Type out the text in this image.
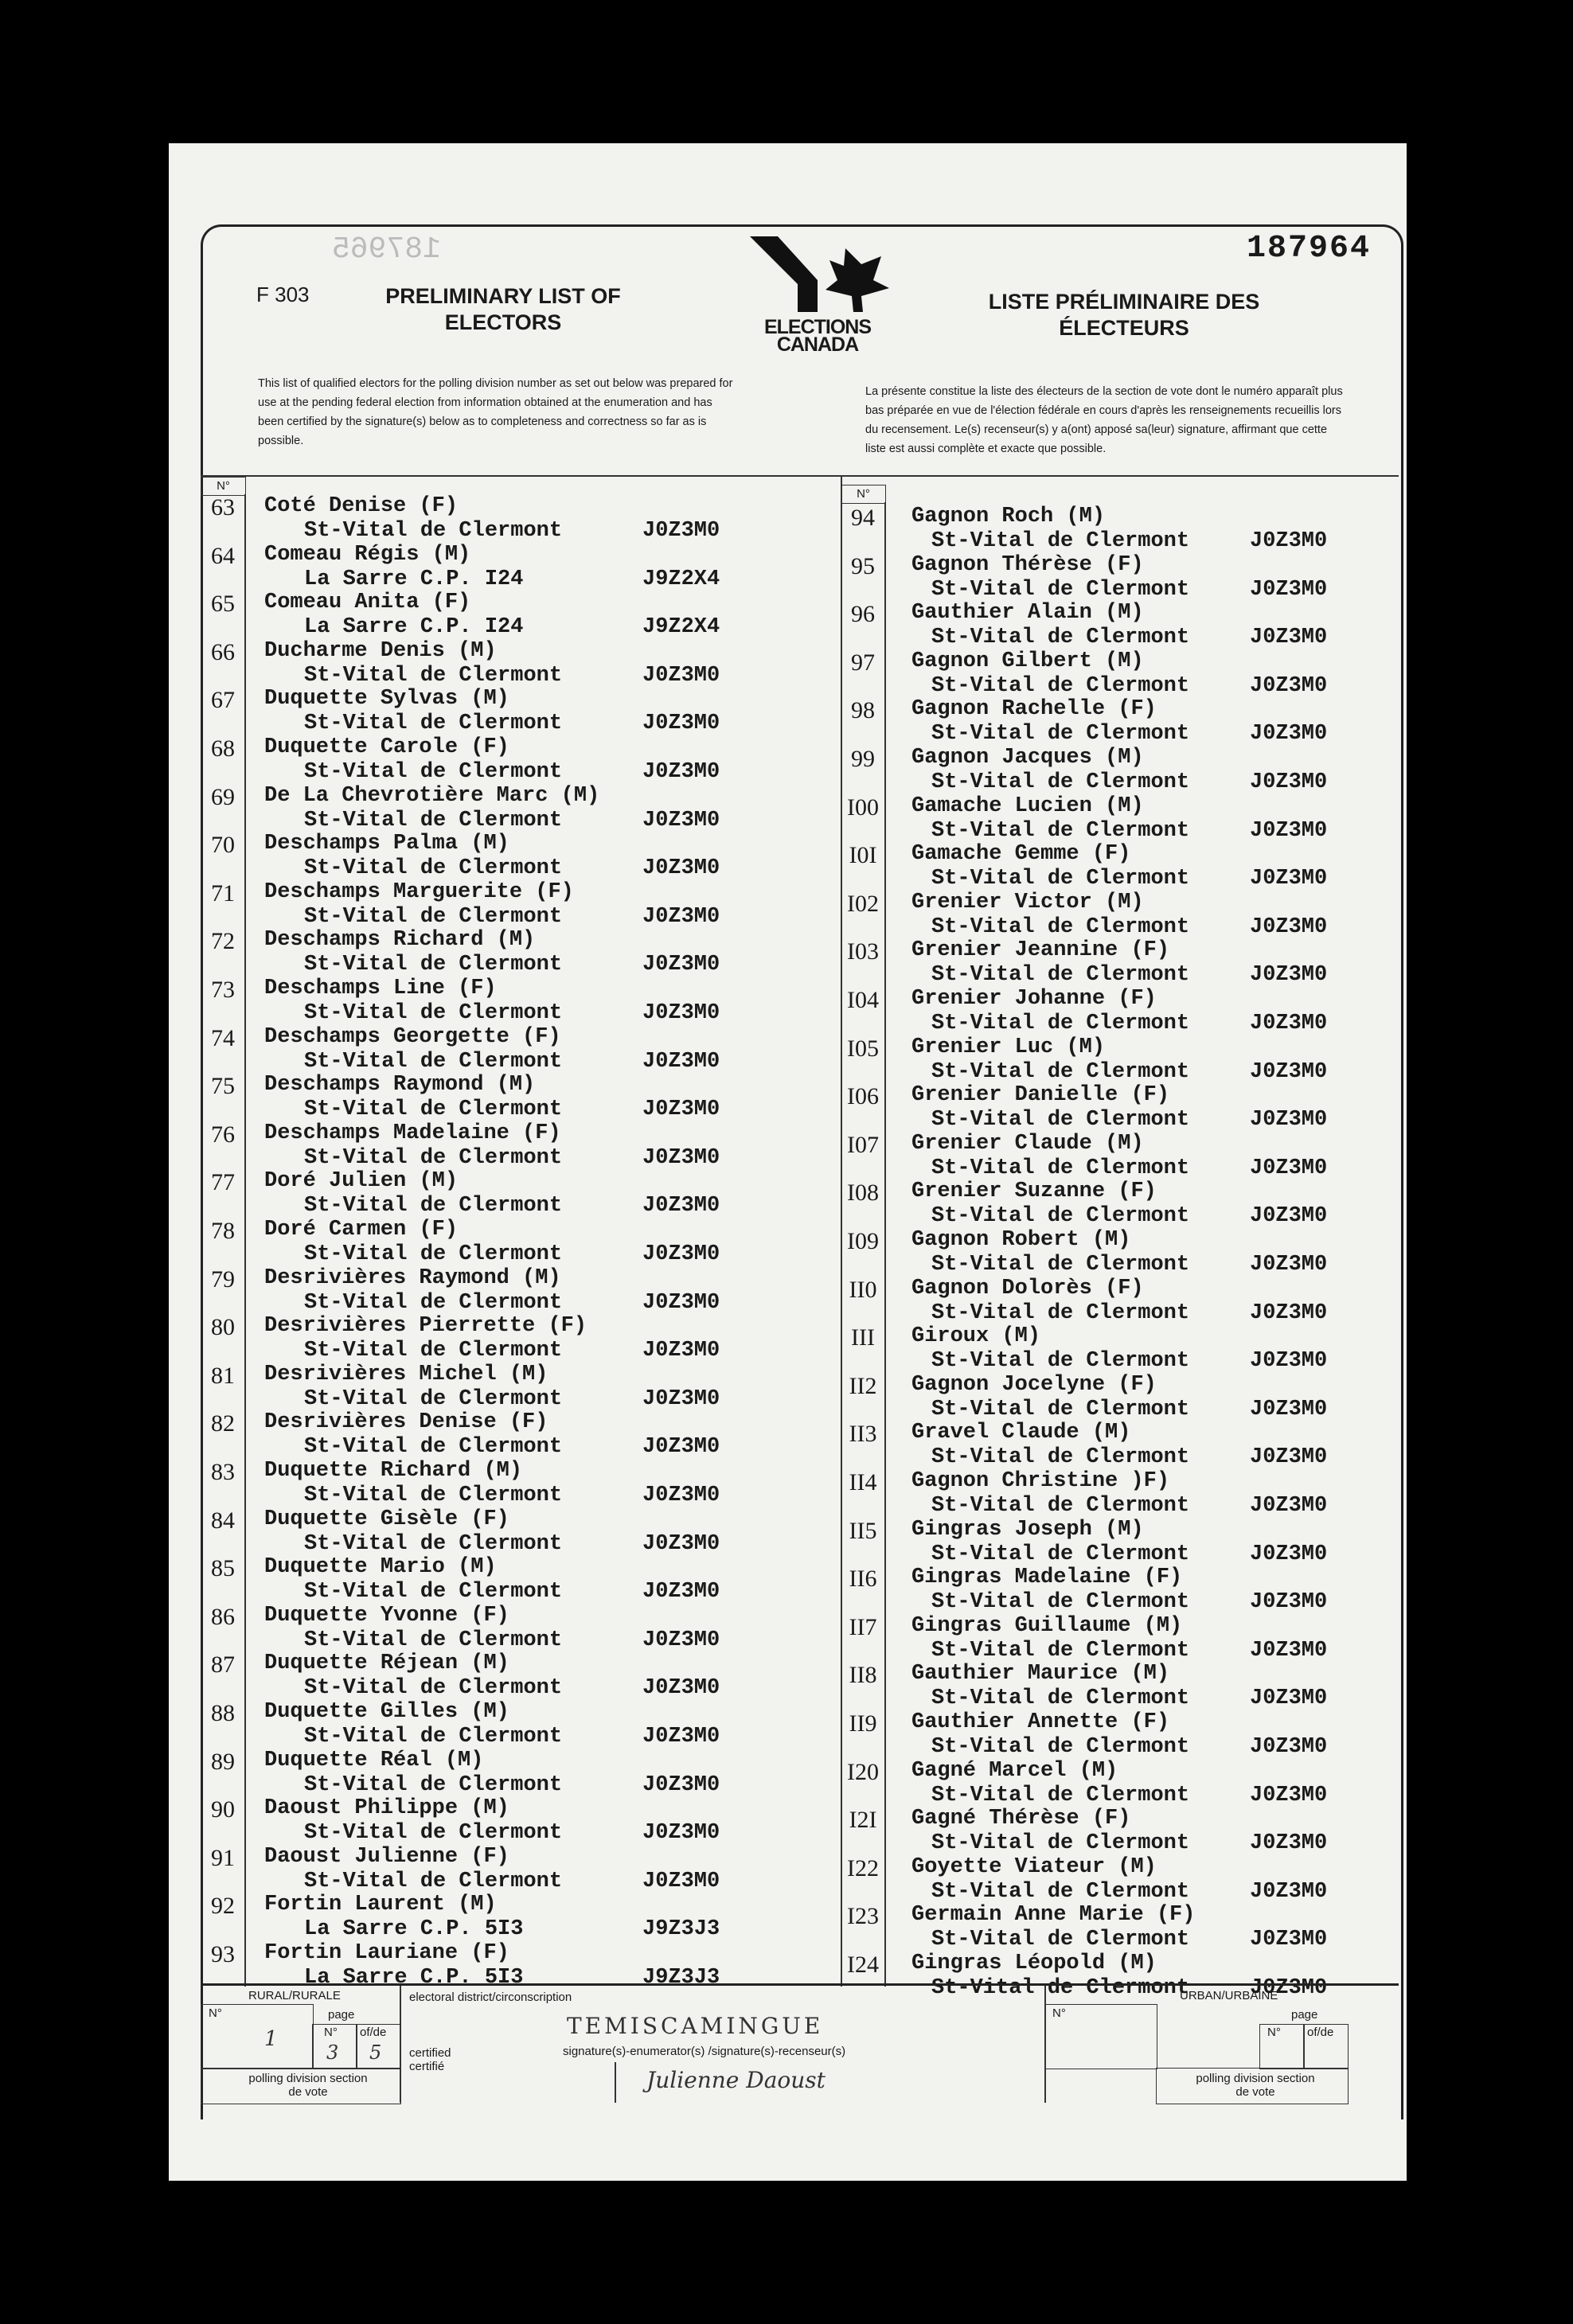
187965	187964
F 303	PRELIMINARY LIST OF ELECTORS
LISTE PRÉLIMINAIRE DES ÉLECTEURS
ELECTIONS CANADA
This list of qualified electors for the polling division number as set out below was prepared for use at the pending federal election from information obtained at the enumeration and has been certified by the signature(s) below as to completeness and correctness so far as is possible.
La présente constitue la liste des électeurs de la section de vote dont le numéro apparaît plus bas préparée en vue de l'élection fédérale en cours d'après les renseignements recueillis lors du recensement. Le(s) recenseur(s) y a(ont) apposé sa(leur) signature, affirmant que cette liste est aussi complète et exacte que possible.
N°
N°
63	Coté Denise (F)
St-Vital de Clermont	J0Z3M0
64	Comeau Régis (M)
La Sarre C.P. I24	J9Z2X4
65	Comeau Anita (F)
La Sarre C.P. I24	J9Z2X4
66	Ducharme Denis (M)
St-Vital de Clermont	J0Z3M0
67	Duquette Sylvas (M)
St-Vital de Clermont	J0Z3M0
68	Duquette Carole (F)
St-Vital de Clermont	J0Z3M0
69	De La Chevrotière Marc (M)
St-Vital de Clermont	J0Z3M0
70	Deschamps Palma (M)
St-Vital de Clermont	J0Z3M0
71	Deschamps Marguerite (F)
St-Vital de Clermont	J0Z3M0
72	Deschamps Richard (M)
St-Vital de Clermont	J0Z3M0
73	Deschamps Line (F)
St-Vital de Clermont	J0Z3M0
74	Deschamps Georgette (F)
St-Vital de Clermont	J0Z3M0
75	Deschamps Raymond (M)
St-Vital de Clermont	J0Z3M0
76	Deschamps Madelaine (F)
St-Vital de Clermont	J0Z3M0
77	Doré Julien (M)
St-Vital de Clermont	J0Z3M0
78	Doré Carmen (F)
St-Vital de Clermont	J0Z3M0
79	Desrivières Raymond (M)
St-Vital de Clermont	J0Z3M0
80	Desrivières Pierrette (F)
St-Vital de Clermont	J0Z3M0
81	Desrivières Michel (M)
St-Vital de Clermont	J0Z3M0
82	Desrivières Denise (F)
St-Vital de Clermont	J0Z3M0
83	Duquette Richard (M)
St-Vital de Clermont	J0Z3M0
84	Duquette Gisèle (F)
St-Vital de Clermont	J0Z3M0
85	Duquette Mario (M)
St-Vital de Clermont	J0Z3M0
86	Duquette Yvonne (F)
St-Vital de Clermont	J0Z3M0
87	Duquette Réjean (M)
St-Vital de Clermont	J0Z3M0
88	Duquette Gilles (M)
St-Vital de Clermont	J0Z3M0
89	Duquette Réal (M)
St-Vital de Clermont	J0Z3M0
90	Daoust Philippe (M)
St-Vital de Clermont	J0Z3M0
91	Daoust Julienne (F)
St-Vital de Clermont	J0Z3M0
92	Fortin Laurent (M)
La Sarre C.P. 5I3	J9Z3J3
93	Fortin Lauriane (F)
La Sarre C.P. 5I3	J9Z3J3
94	Gagnon Roch (M)
St-Vital de Clermont	J0Z3M0
95	Gagnon Thérèse (F)
St-Vital de Clermont	J0Z3M0
96	Gauthier Alain (M)
St-Vital de Clermont	J0Z3M0
97	Gagnon Gilbert (M)
St-Vital de Clermont	J0Z3M0
98	Gagnon Rachelle (F)
St-Vital de Clermont	J0Z3M0
99	Gagnon Jacques (M)
St-Vital de Clermont	J0Z3M0
I00	Gamache Lucien (M)
St-Vital de Clermont	J0Z3M0
I0I	Gamache Gemme (F)
St-Vital de Clermont	J0Z3M0
I02	Grenier Victor (M)
St-Vital de Clermont	J0Z3M0
I03	Grenier Jeannine (F)
St-Vital de Clermont	J0Z3M0
I04	Grenier Johanne (F)
St-Vital de Clermont	J0Z3M0
I05	Grenier Luc (M)
St-Vital de Clermont	J0Z3M0
I06	Grenier Danielle (F)
St-Vital de Clermont	J0Z3M0
I07	Grenier Claude (M)
St-Vital de Clermont	J0Z3M0
I08	Grenier Suzanne (F)
St-Vital de Clermont	J0Z3M0
I09	Gagnon Robert (M)
St-Vital de Clermont	J0Z3M0
II0	Gagnon Dolorès (F)
St-Vital de Clermont	J0Z3M0
III	Giroux (M)
St-Vital de Clermont	J0Z3M0
II2	Gagnon Jocelyne (F)
St-Vital de Clermont	J0Z3M0
II3	Gravel Claude (M)
St-Vital de Clermont	J0Z3M0
II4	Gagnon Christine )F)
St-Vital de Clermont	J0Z3M0
II5	Gingras Joseph (M)
St-Vital de Clermont	J0Z3M0
II6	Gingras Madelaine (F)
St-Vital de Clermont	J0Z3M0
II7	Gingras Guillaume (M)
St-Vital de Clermont	J0Z3M0
II8	Gauthier Maurice (M)
St-Vital de Clermont	J0Z3M0
II9	Gauthier Annette (F)
St-Vital de Clermont	J0Z3M0
I20	Gagné Marcel (M)
St-Vital de Clermont	J0Z3M0
I2I	Gagné Thérèse (F)
St-Vital de Clermont	J0Z3M0
I22	Goyette Viateur (M)
St-Vital de Clermont	J0Z3M0
I23	Germain Anne Marie (F)
St-Vital de Clermont	J0Z3M0
I24	Gingras Léopold (M)
St-Vital de Clermont	J0Z3M0
RURAL/RURALE
N°
1
page
N°
3
of/de
5
polling division section de vote
electoral district/circonscription
TEMISCAMINGUE
certified certifié
signature(s)-enumerator(s) /signature(s)-recenseur(s)
Julienne Daoust
URBAN/URBAINE
N°	page
N° of/de
polling division section de vote
